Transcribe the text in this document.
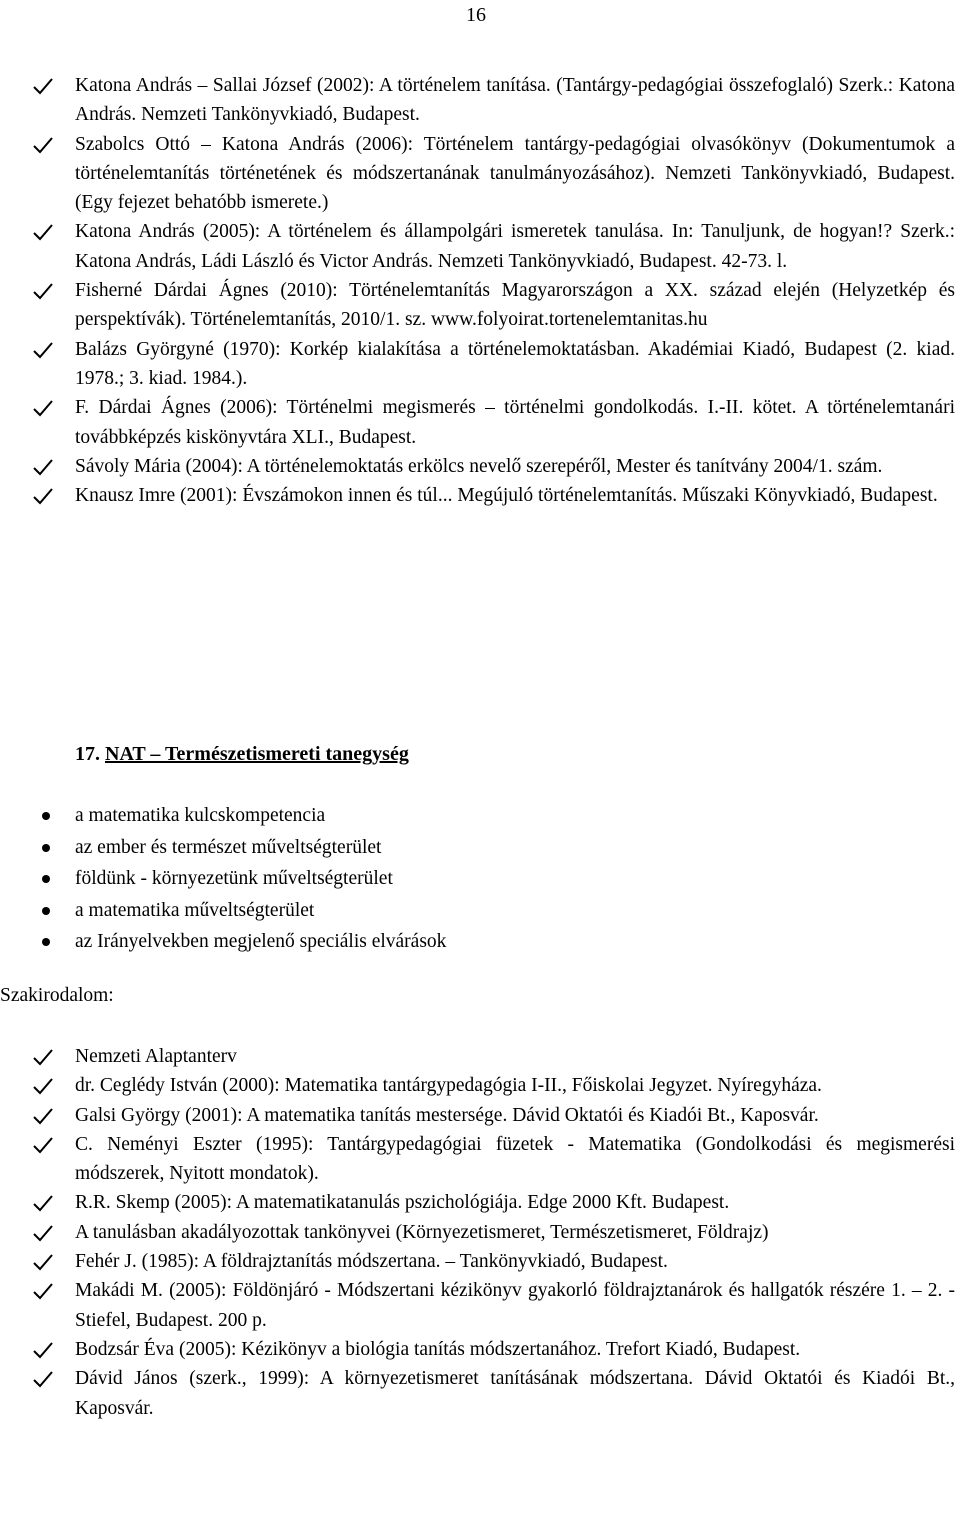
16
Katona András – Sallai József (2002): A történelem tanítása. (Tantárgy-pedagógiai összefoglaló) Szerk.: Katona András. Nemzeti Tankönyvkiadó, Budapest.
Szabolcs Ottó – Katona András (2006): Történelem tantárgy-pedagógiai olvasókönyv (Dokumentumok a történelemtanítás történetének és módszertanának tanulmányozásához). Nemzeti Tankönyvkiadó, Budapest. (Egy fejezet behatóbb ismerete.)
Katona András (2005): A történelem és állampolgári ismeretek tanulása. In: Tanuljunk, de hogyan!? Szerk.: Katona András, Ládi László és Victor András. Nemzeti Tankönyvkiadó, Budapest. 42-73. l.
Fisherné Dárdai Ágnes (2010): Történelemtanítás Magyarországon a XX. század elején (Helyzetkép és perspektívák). Történelemtanítás, 2010/1. sz. www.folyoirat.tortenelemtanitas.hu
Balázs Györgyné (1970): Korkép kialakítása a történelemoktatásban. Akadémiai Kiadó, Budapest (2. kiad. 1978.; 3. kiad. 1984.).
F. Dárdai Ágnes (2006): Történelmi megismerés – történelmi gondolkodás. I.-II. kötet. A történelemtanári továbbképzés kiskönyvtára XLI., Budapest.
Sávoly Mária (2004): A történelemoktatás erkölcs nevelő szerepéről, Mester és tanítvány 2004/1. szám.
Knausz Imre (2001): Évszámokon innen és túl... Megújuló történelemtanítás. Műszaki Könyvkiadó, Budapest.
17. NAT – Természetismereti tanegység
a matematika kulcskompetencia
az ember és természet műveltségterület
földünk - környezetünk műveltségterület
a matematika műveltségterület
az Irányelvekben megjelenő speciális elvárások
Szakirodalom:
Nemzeti Alaptanterv
dr. Ceglédy István (2000): Matematika tantárgypedagógia I-II., Főiskolai Jegyzet. Nyíregyháza.
Galsi György (2001): A matematika tanítás mestersége. Dávid Oktatói és Kiadói Bt., Kaposvár.
C. Neményi Eszter (1995): Tantárgypedagógiai füzetek - Matematika (Gondolkodási és megismerési módszerek, Nyitott mondatok).
R.R. Skemp (2005): A matematikatanulás pszichológiája. Edge 2000 Kft. Budapest.
A tanulásban akadályozottak tankönyvei (Környezetismeret, Természetismeret, Földrajz)
Fehér J. (1985): A földrajztanítás módszertana. – Tankönyvkiadó, Budapest.
Makádi M. (2005): Földönjáró - Módszertani kézikönyv gyakorló földrajztanárok és hallgatók részére 1. – 2. - Stiefel, Budapest. 200 p.
Bodzsár Éva (2005): Kézikönyv a biológia tanítás módszertanához. Trefort Kiadó, Budapest.
Dávid János (szerk., 1999): A környezetismeret tanításának módszertana. Dávid Oktatói és Kiadói Bt., Kaposvár.
